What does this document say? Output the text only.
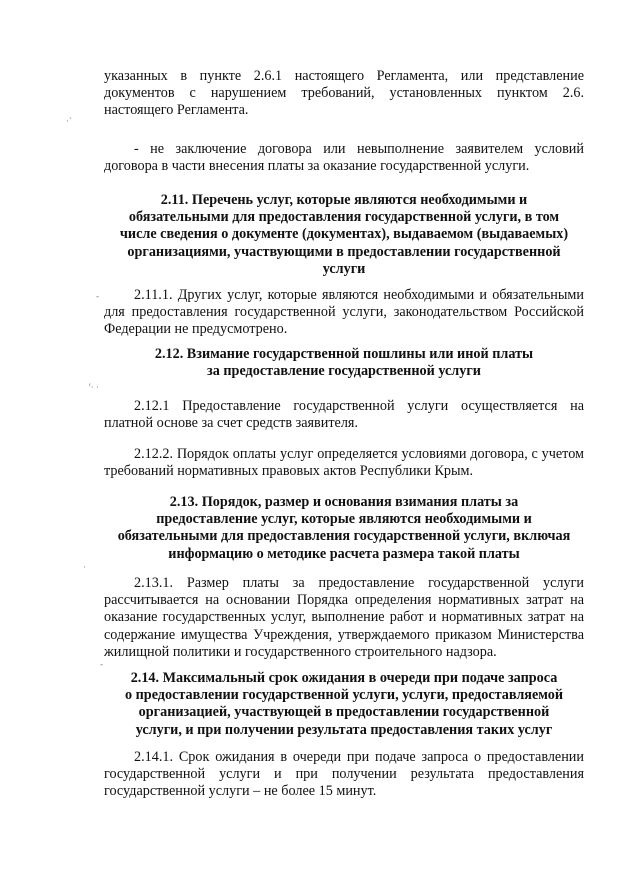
указанных в пункте 2.6.1 настоящего Регламента, или представление документов с нарушением требований, установленных пунктом 2.6. настоящего Регламента.

- не заключение договора или невыполнение заявителем условий договора в части внесения платы за оказание государственной услуги.

2.11. Перечень услуг, которые являются необходимыми и
обязательными для предоставления государственной услуги, в том
числе сведения о документе (документах), выдаваемом (выдаваемых)
организациями, участвующими в предоставлении государственной
услуги

2.11.1. Других услуг, которые являются необходимыми и обязательными для предоставления государственной услуги, законодательством Российской Федерации не предусмотрено.

2.12. Взимание государственной пошлины или иной платы
за предоставление государственной услуги

2.12.1 Предоставление государственной услуги осуществляется на платной основе за счет средств заявителя.

2.12.2. Порядок оплаты услуг определяется условиями договора, с учетом требований нормативных правовых актов Республики Крым.

2.13. Порядок, размер и основания взимания платы за
предоставление услуг, которые являются необходимыми и
обязательными для предоставления государственной услуги, включая
информацию о методике расчета размера такой платы

2.13.1. Размер платы за предоставление государственной услуги рассчитывается на основании Порядка определения нормативных затрат на оказание государственных услуг, выполнение работ и нормативных затрат на содержание имущества Учреждения, утверждаемого приказом Министерства жилищной политики и государственного строительного надзора.

2.14. Максимальный срок ожидания в очереди при подаче запроса
о предоставлении государственной услуги, услуги, предоставляемой
организацией, участвующей в предоставлении государственной
услуги, и при получении результата предоставления таких услуг

2.14.1. Срок ожидания в очереди при подаче запроса о предоставлении государственной услуги и при получении результата предоставления государственной услуги – не более 15 минут.

·`
-
ꞌ· ·
·
-
